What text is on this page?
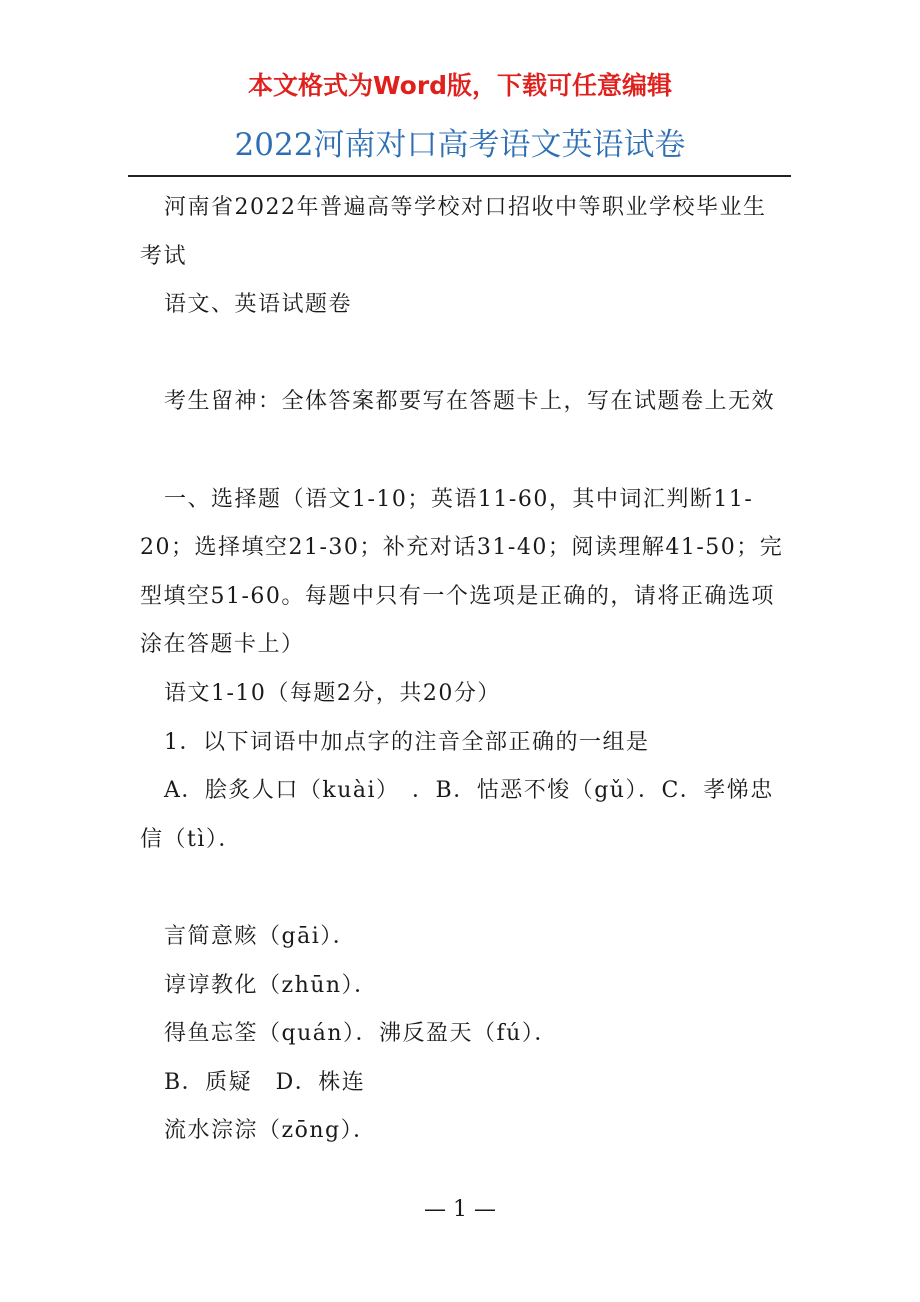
本文格式为Word版，下载可任意编辑
2022河南对口高考语文英语试卷

河南省2022年普遍高等学校对口招收中等职业学校毕业生考试

语文、英语试题卷

考生留神：全体答案都要写在答题卡上，写在试题卷上无效

一、选择题（语文1-10；英语11-60，其中词汇判断11-20；选择填空21-30；补充对话31-40；阅读理解41-50；完型填空51-60。每题中只有一个选项是正确的，请将正确选项涂在答题卡上）

语文1-10（每题2分，共20分）

1．以下词语中加点字的注音全部正确的一组是

A．脍炙人口（kuài）　．B．怙恶不悛（gǔ）．C．孝悌忠信（tì）．

言简意赅（gāi）．

谆谆教化（zhūn）．

得鱼忘筌（quán）．沸反盈天（fú）．

B．质疑　D．株连

流水淙淙（zōng）．

— 1 —
